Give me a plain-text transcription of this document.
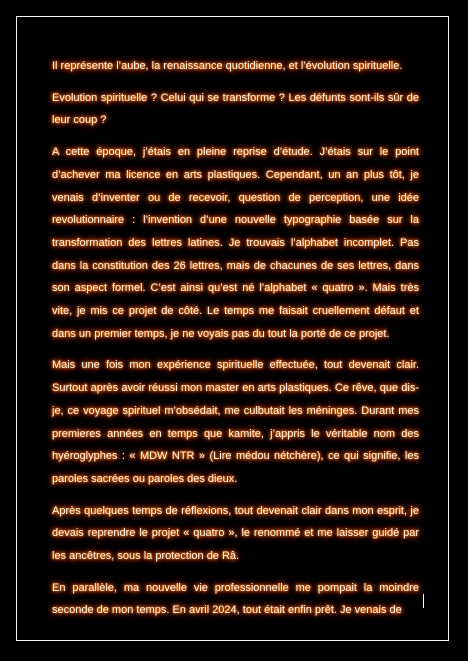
Il représente l’aube, la renaissance quotidienne, et l’évolution spirituelle.

Evolution spirituelle ? Celui qui se transforme ? Les défunts sont-ils sûr de leur coup ?

A cette époque, j’étais en pleine reprise d’étude. J’étais sur le point d’achever ma licence en arts plastiques. Cependant, un an plus tôt, je venais d’inventer ou de recevoir, question de perception, une idée revolutionnaire : l’invention d’une nouvelle typographie basée sur la transformation des lettres latines. Je trouvais l’alphabet incomplet. Pas dans la constitution des 26 lettres, mais de chacunes de ses lettres, dans son aspect formel. C’est ainsi qu’est né l’alphabet « quatro ». Mais très vite, je mis ce projet de côté. Le temps me faisait cruellement défaut et dans un premier temps, je ne voyais pas du tout la porté de ce projet.

Mais une fois mon expérience spirituelle effectuée, tout devenait clair. Surtout après avoir réussi mon master en arts plastiques. Ce rêve, que dis-je, ce voyage spirituel m’obsédait, me culbutait les méninges. Durant mes premieres années en temps que kamite, j’appris le véritable nom des hyéroglyphes : « MDW NTR » (Lire médou nétchère), ce qui signifie, les paroles sacrées ou paroles des dieux.

Après quelques temps de réflexions, tout devenait clair dans mon esprit, je devais reprendre le projet « quatro », le renommé et me laisser guidé par les ancêtres, sous la protection de Râ.

En parallèle, ma nouvelle vie professionnelle me pompait la moindre seconde de mon temps. En avril 2024, tout était enfin prêt. Je venais de
